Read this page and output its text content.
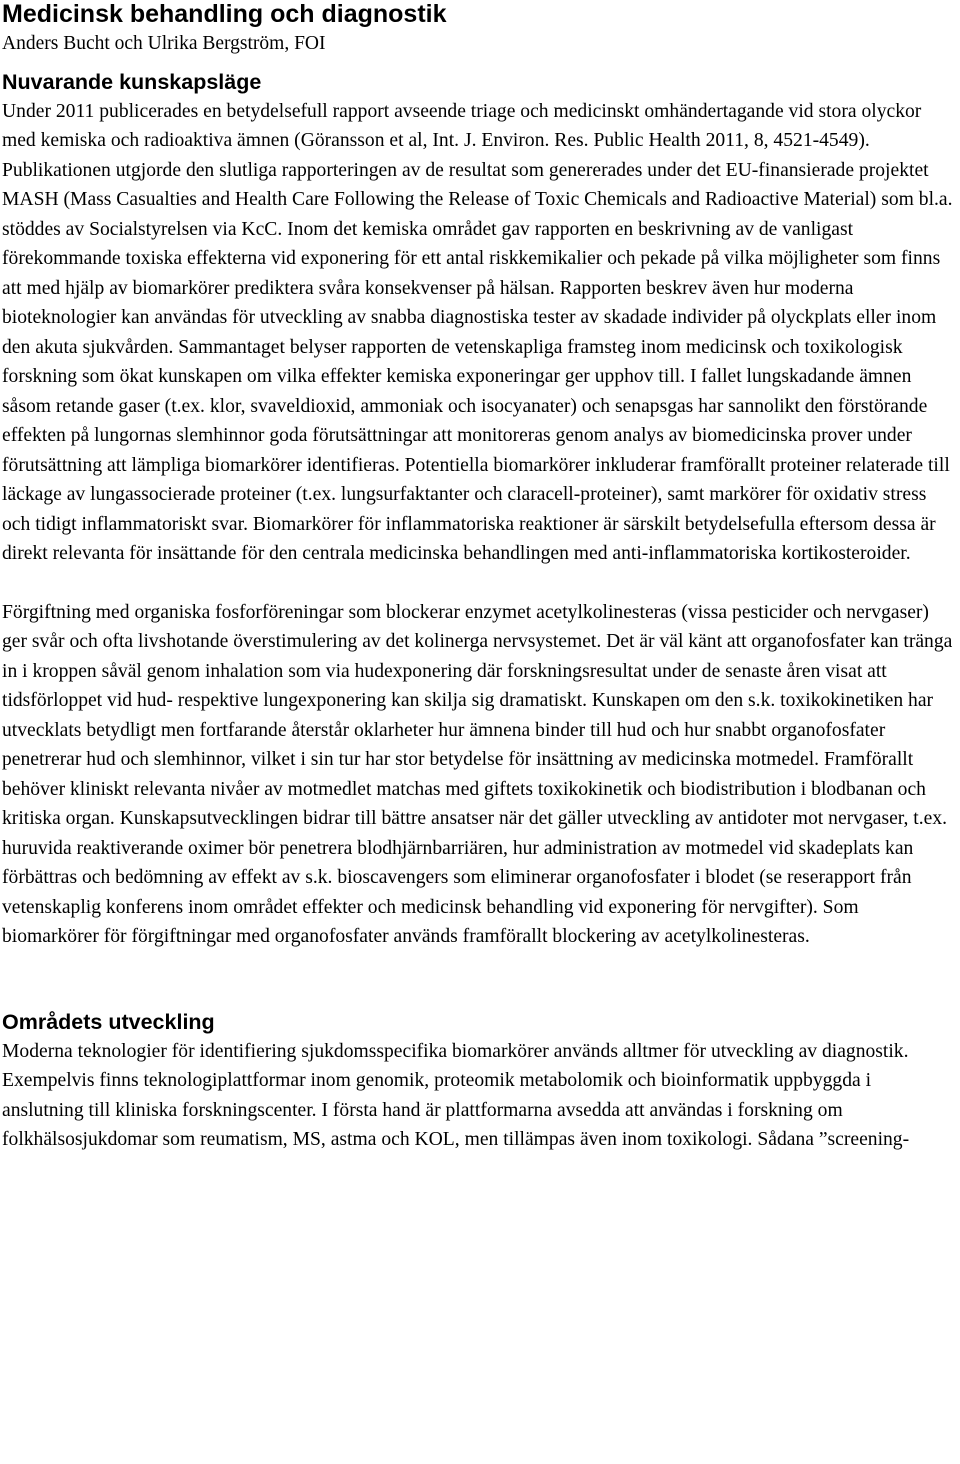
Medicinsk behandling och diagnostik
Anders Bucht och Ulrika Bergström, FOI
Nuvarande kunskapsläge

Under 2011 publicerades en betydelsefull rapport avseende triage och medicinskt omhändertagande vid stora olyckor med kemiska och radioaktiva ämnen (Göransson et al, Int. J. Environ. Res. Public Health 2011, 8, 4521-4549). Publikationen utgjorde den slutliga rapporteringen av de resultat som genererades under det EU-finansierade projektet MASH (Mass Casualties and Health Care Following the Release of Toxic Chemicals and Radioactive Material) som bl.a. stöddes av Socialstyrelsen via KcC. Inom det kemiska området gav rapporten en beskrivning av de vanligast förekommande toxiska effekterna vid exponering för ett antal riskkemikalier och pekade på vilka möjligheter som finns att med hjälp av biomarkörer prediktera svåra konsekvenser på hälsan. Rapporten beskrev även hur moderna bioteknologier kan användas för utveckling av snabba diagnostiska tester av skadade individer på olyckplats eller inom den akuta sjukvården. Sammantaget belyser rapporten de vetenskapliga framsteg inom medicinsk och toxikologisk forskning som ökat kunskapen om vilka effekter kemiska exponeringar ger upphov till. I fallet lungskadande ämnen såsom retande gaser (t.ex. klor, svaveldioxid, ammoniak och isocyanater) och senapsgas har sannolikt den förstörande effekten på lungornas slemhinnor goda förutsättningar att monitoreras genom analys av biomedicinska prover under förutsättning att lämpliga biomarkörer identifieras. Potentiella biomarkörer inkluderar framförallt proteiner relaterade till läckage av lungassocierade proteiner (t.ex. lungsurfaktanter och claracell-proteiner), samt markörer för oxidativ stress och tidigt inflammatoriskt svar. Biomarkörer för inflammatoriska reaktioner är särskilt betydelsefulla eftersom dessa är direkt relevanta för insättande för den centrala medicinska behandlingen med anti-inflammatoriska kortikosteroider.

Förgiftning med organiska fosforföreningar som blockerar enzymet acetylkolinesteras (vissa pesticider och nervgaser) ger svår och ofta livshotande överstimulering av det kolinerga nervsystemet. Det är väl känt att organofosfater kan tränga in i kroppen såväl genom inhalation som via hudexponering där forskningsresultat under de senaste åren visat att tidsförloppet vid hud- respektive lungexponering kan skilja sig dramatiskt. Kunskapen om den s.k. toxikokinetiken har utvecklats betydligt men fortfarande återstår oklarheter hur ämnena binder till hud och hur snabbt organofosfater penetrerar hud och slemhinnor, vilket i sin tur har stor betydelse för insättning av medicinska motmedel. Framförallt behöver kliniskt relevanta nivåer av motmedlet matchas med giftets toxikokinetik och biodistribution i blodbanan och kritiska organ. Kunskapsutvecklingen bidrar till bättre ansatser när det gäller utveckling av antidoter mot nervgaser, t.ex. huruvida reaktiverande oximer bör penetrera blodhjärnbarriären, hur administration av motmedel vid skadeplats kan förbättras och bedömning av effekt av s.k. bioscavengers som eliminerar organofosfater i blodet (se reserapport från vetenskaplig konferens inom området effekter och medicinsk behandling vid exponering för nervgifter). Som biomarkörer för förgiftningar med organofosfater används framförallt blockering av acetylkolinesteras.

Områdets utveckling

Moderna teknologier för identifiering sjukdomsspecifika biomarkörer används alltmer för utveckling av diagnostik. Exempelvis finns teknologiplattformar inom genomik, proteomik metabolomik och bioinformatik uppbyggda i anslutning till kliniska forskningscenter. I första hand är plattformarna avsedda att användas i forskning om folkhälsosjukdomar som reumatism, MS, astma och KOL, men tillämpas även inom toxikologi. Sådana ”screening-
